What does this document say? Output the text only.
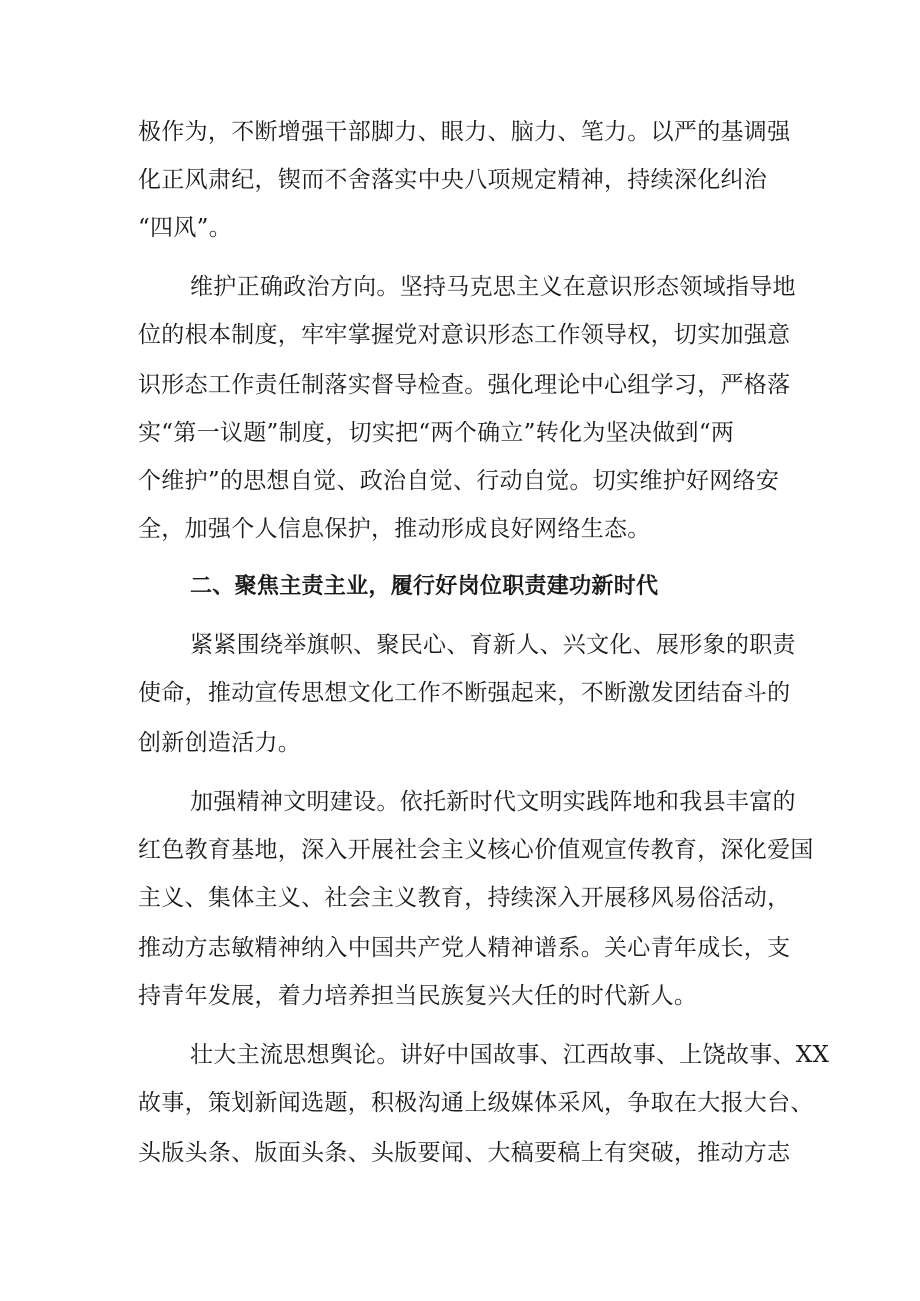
极作为，不断增强干部脚力、眼力、脑力、笔力。以严的基调强
化正风肃纪，锲而不舍落实中央八项规定精神，持续深化纠治
“四风”。
维护正确政治方向。坚持马克思主义在意识形态领域指导地
位的根本制度，牢牢掌握党对意识形态工作领导权，切实加强意
识形态工作责任制落实督导检查。强化理论中心组学习，严格落
实“第一议题”制度，切实把“两个确立”转化为坚决做到“两
个维护”的思想自觉、政治自觉、行动自觉。切实维护好网络安
全，加强个人信息保护，推动形成良好网络生态。
二、聚焦主责主业，履行好岗位职责建功新时代
紧紧围绕举旗帜、聚民心、育新人、兴文化、展形象的职责
使命，推动宣传思想文化工作不断强起来，不断激发团结奋斗的
创新创造活力。
加强精神文明建设。依托新时代文明实践阵地和我县丰富的
红色教育基地，深入开展社会主义核心价值观宣传教育，深化爱国
主义、集体主义、社会主义教育，持续深入开展移风易俗活动，
推动方志敏精神纳入中国共产党人精神谱系。关心青年成长，支
持青年发展，着力培养担当民族复兴大任的时代新人。
壮大主流思想舆论。讲好中国故事、江西故事、上饶故事、XX
故事，策划新闻选题，积极沟通上级媒体采风，争取在大报大台、
头版头条、版面头条、头版要闻、大稿要稿上有突破，推动方志
